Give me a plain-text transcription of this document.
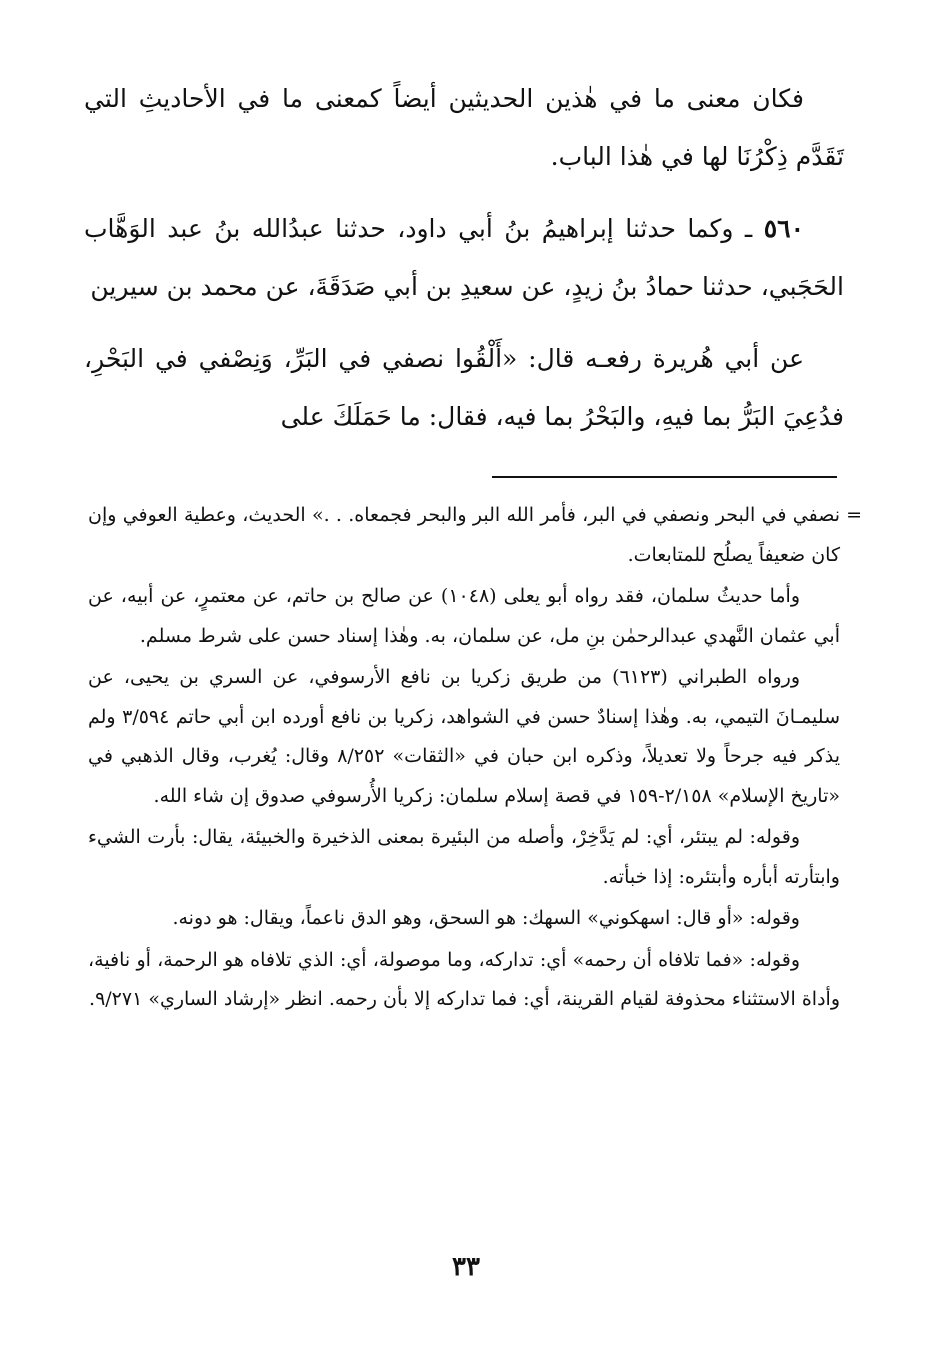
فكان معنى ما في هٰذين الحديثين أيضاً كمعنى ما في الأحاديثِ التي تَقَدَّم ذِكْرُنَا لها في هٰذا الباب.

٥٦٠ ـ وكما حدثنا إبراهيمُ بنُ أبي داود، حدثنا عبدُالله بنُ عبد الوَهَّاب الحَجَبي، حدثنا حمادُ بنُ زيدٍ، عن سعيدِ بن أبي صَدَقَةَ، عن محمد بن سيرين

عن أبي هُريرة رفعـه قال: «أَلْقُوا نصفي في البَرِّ، وَنِصْفي في البَحْرِ، فدُعِيَ البَرُّ بما فيهِ، والبَحْرُ بما فيه، فقال: ما حَمَلَكَ على

=
نصفي في البحر ونصفي في البر، فأمر الله البر والبحر فجمعاه. . .» الحديث، وعطية العوفي وإن كان ضعيفاً يصلُح للمتابعات.

وأما حديثُ سلمان، فقد رواه أبو يعلى (١٠٤٨) عن صالح بن حاتم، عن معتمرٍ، عن أبيه، عن أبي عثمان النَّهدي عبدالرحمٰن بنِ مل، عن سلمان، به. وهٰذا إسناد حسن على شرط مسلم.

ورواه الطبراني (٦١٢٣) من طريق زكريا بن نافع الأرسوفي، عن السري بن يحيى، عن سليمـانَ التيمي، به. وهٰذا إسنادٌ حسن في الشواهد، زكريا بن نافع أورده ابن أبي حاتم ٣/٥٩٤ ولم يذكر فيه جرحاً ولا تعديلاً، وذكره ابن حبان في «الثقات» ٨/٢٥٢ وقال: يُغرب، وقال الذهبي في «تاريخ الإسلام» ٢/١٥٨-١٥٩ في قصة إسلام سلمان: زكريا الأُرسوفي صدوق إن شاء الله.

وقوله: لم يبتئر، أي: لم يَدَّخِرْ، وأصله من البئيرة بمعنى الذخيرة والخبيئة، يقال: بأرت الشيء وابتأرته أبأره وأبتئره: إذا خبأته.

وقوله: «أو قال: اسهكوني» السهك: هو السحق، وهو الدق ناعماً، ويقال: هو دونه.

وقوله: «فما تلافاه أن رحمه» أي: تداركه، وما موصولة، أي: الذي تلافاه هو الرحمة، أو نافية، وأداة الاستثناء محذوفة لقيام القرينة، أي: فما تداركه إلا بأن رحمه. انظر «إرشاد الساري» ٩/٢٧١.

٣٣
